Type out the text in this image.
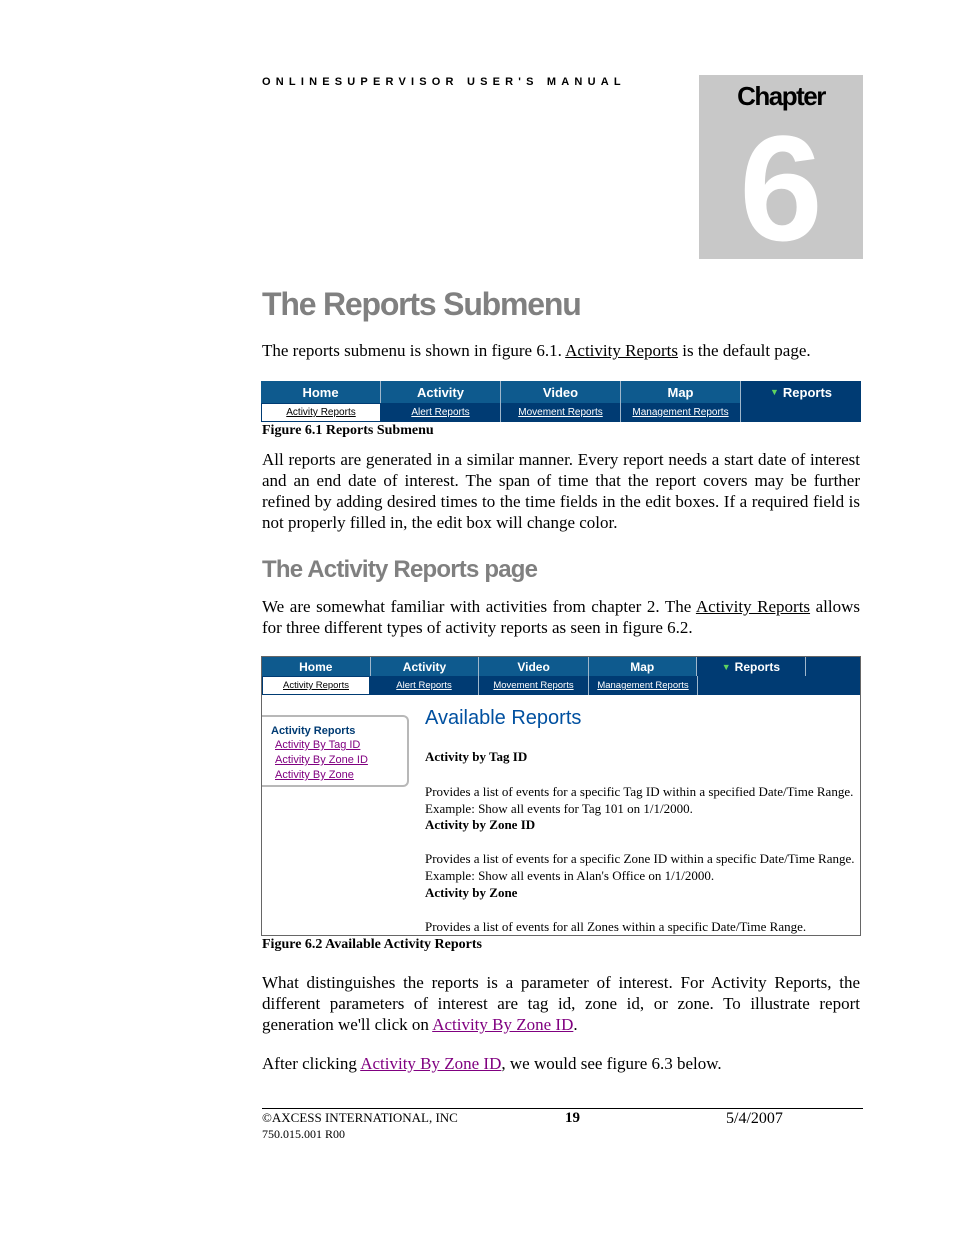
ONLINESUPERVISOR USER'S MANUAL	Chapter
6
The Reports Submenu
The reports submenu is shown in figure 6.1. Activity Reports is the default page.
Home	Activity	Video	Map	▼ Reports
Activity Reports	Alert Reports	Movement Reports	Management Reports
Figure 6.1 Reports Submenu
All reports are generated in a similar manner. Every report needs a start date of interest and an end date of interest. The span of time that the report covers may be further refined by adding desired times to the time fields in the edit boxes. If a required field is not properly filled in, the edit box will change color.
The Activity Reports page
We are somewhat familiar with activities from chapter 2. The Activity Reports allows for three different types of activity reports as seen in figure 6.2.
Home	Activity	Video	Map	▼ Reports
Activity Reports	Alert Reports	Movement Reports	Management Reports
Activity Reports
Activity By Tag ID
Activity By Zone ID
Activity By Zone
Available Reports
Activity by Tag ID
Provides a list of events for a specific Tag ID within a specified Date/Time Range.
Example: Show all events for Tag 101 on 1/1/2000.
Activity by Zone ID
Provides a list of events for a specific Zone ID within a specific Date/Time Range.
Example: Show all events in Alan's Office on 1/1/2000.
Activity by Zone
Provides a list of events for all Zones within a specific Date/Time Range.
Figure 6.2 Available Activity Reports
What distinguishes the reports is a parameter of interest. For Activity Reports, the different parameters of interest are tag id, zone id, or zone. To illustrate report generation we'll click on Activity By Zone ID.
After clicking Activity By Zone ID, we would see figure 6.3 below.
©AXCESS INTERNATIONAL, INC
750.015.001 R00
19	5/4/2007
